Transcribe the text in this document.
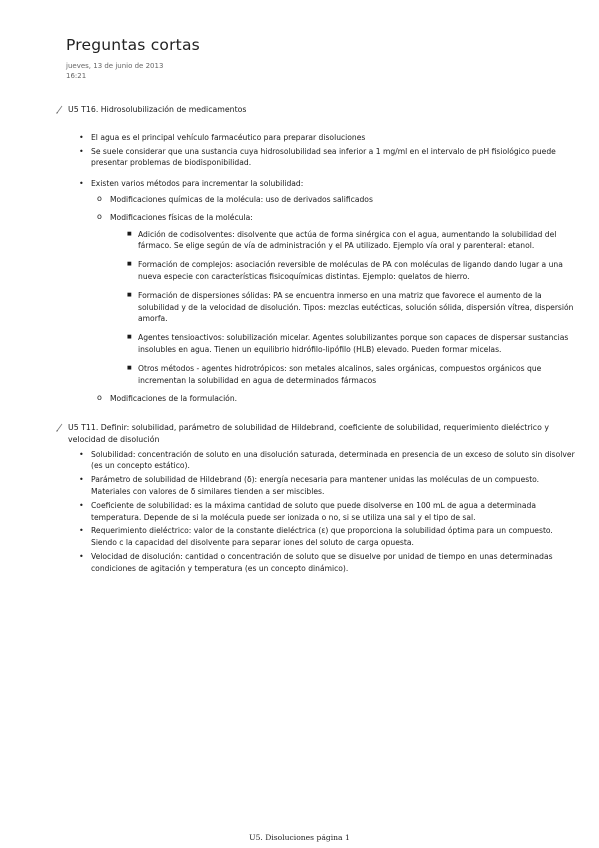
Preguntas cortas
jueves, 13 de junio de 2013
16:21
U5 T16. Hidrosolubilización de medicamentos
• El agua es el principal vehículo farmacéutico para preparar disoluciones
• Se suele considerar que una sustancia cuya hidrosolubilidad sea inferior a 1 mg/ml en el intervalo de pH fisiológico puede presentar problemas de biodisponibilidad.
• Existen varios métodos para incrementar la solubilidad:
o Modificaciones químicas de la molécula: uso de derivados salificados
o Modificaciones físicas de la molécula:
■ Adición de codisolventes: disolvente que actúa de forma sinérgica con el agua, aumentando la solubilidad del fármaco. Se elige según de vía de administración y el PA utilizado. Ejemplo vía oral y parenteral: etanol.
■ Formación de complejos: asociación reversible de moléculas de PA con moléculas de ligando dando lugar a una nueva especie con características fisicoquímicas distintas. Ejemplo: quelatos de hierro.
■ Formación de dispersiones sólidas: PA se encuentra inmerso en una matriz que favorece el aumento de la solubilidad y de la velocidad de disolución. Tipos: mezclas eutécticas, solución sólida, dispersión vítrea, dispersión amorfa.
■ Agentes tensioactivos: solubilización micelar. Agentes solubilizantes porque son capaces de dispersar sustancias insolubles en agua. Tienen un equilibrio hidrófilo-lipófilo (HLB) elevado. Pueden formar micelas.
■ Otros métodos - agentes hidrotrópicos: son metales alcalinos, sales orgánicas, compuestos orgánicos que incrementan la solubilidad en agua de determinados fármacos
o Modificaciones de la formulación.
U5 T11. Definir: solubilidad, parámetro de solubilidad de Hildebrand, coeficiente de solubilidad, requerimiento dieléctrico y velocidad de disolución
• Solubilidad: concentración de soluto en una disolución saturada, determinada en presencia de un exceso de soluto sin disolver (es un concepto estático).
• Parámetro de solubilidad de Hildebrand (δ): energía necesaria para mantener unidas las moléculas de un compuesto. Materiales con valores de δ similares tienden a ser miscibles.
• Coeficiente de solubilidad: es la máxima cantidad de soluto que puede disolverse en 100 mL de agua a determinada temperatura. Depende de si la molécula puede ser ionizada o no, si se utiliza una sal y el tipo de sal.
• Requerimiento dieléctrico: valor de la constante dieléctrica (ε) que proporciona la solubilidad óptima para un compuesto. Siendo c la capacidad del disolvente para separar iones del soluto de carga opuesta.
• Velocidad de disolución: cantidad o concentración de soluto que se disuelve por unidad de tiempo en unas determinadas condiciones de agitación y temperatura (es un concepto dinámico).
U5. Disoluciones página 1
